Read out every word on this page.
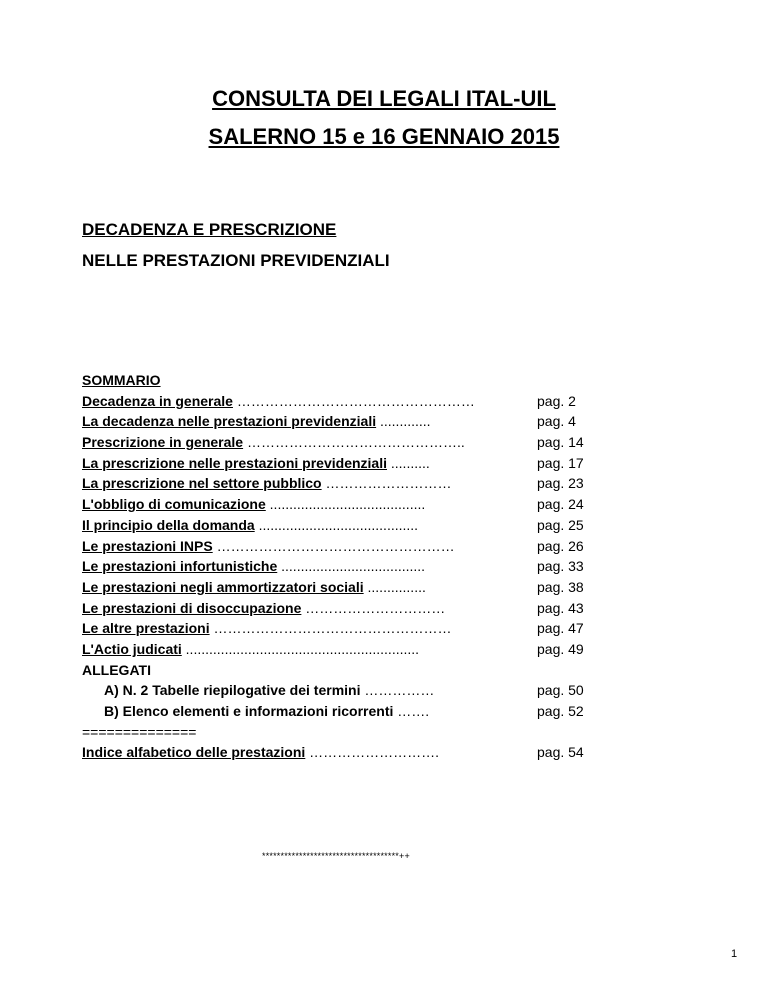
CONSULTA DEI LEGALI ITAL-UIL
SALERNO 15 e 16 GENNAIO 2015
DECADENZA E PRESCRIZIONE
NELLE PRESTAZIONI PREVIDENZIALI
SOMMARIO
Decadenza in generale ……………………………………………	pag. 2
La decadenza nelle prestazioni previdenziali .............	pag. 4
Prescrizione in generale ………………………………………..	pag. 14
La prescrizione nelle prestazioni previdenziali ..........	pag. 17
La prescrizione nel settore pubblico ………………………	pag. 23
L'obbligo di comunicazione ........................................	pag. 24
Il principio della domanda .........................................	pag. 25
Le prestazioni INPS ……………………………………………	pag. 26
Le prestazioni infortunistiche .....................................	pag. 33
Le prestazioni negli ammortizzatori sociali ...............	pag. 38
Le prestazioni di disoccupazione …………………………	pag. 43
Le altre prestazioni ……………………………………………	pag. 47
L'Actio judicati ............................................................	pag. 49
ALLEGATI
A) N. 2 Tabelle riepilogative dei termini ……………	pag. 50
B) Elenco elementi e informazioni ricorrenti …….	pag. 52
==============
Indice alfabetico delle prestazioni ……………………….	pag. 54
*************************************++
1
